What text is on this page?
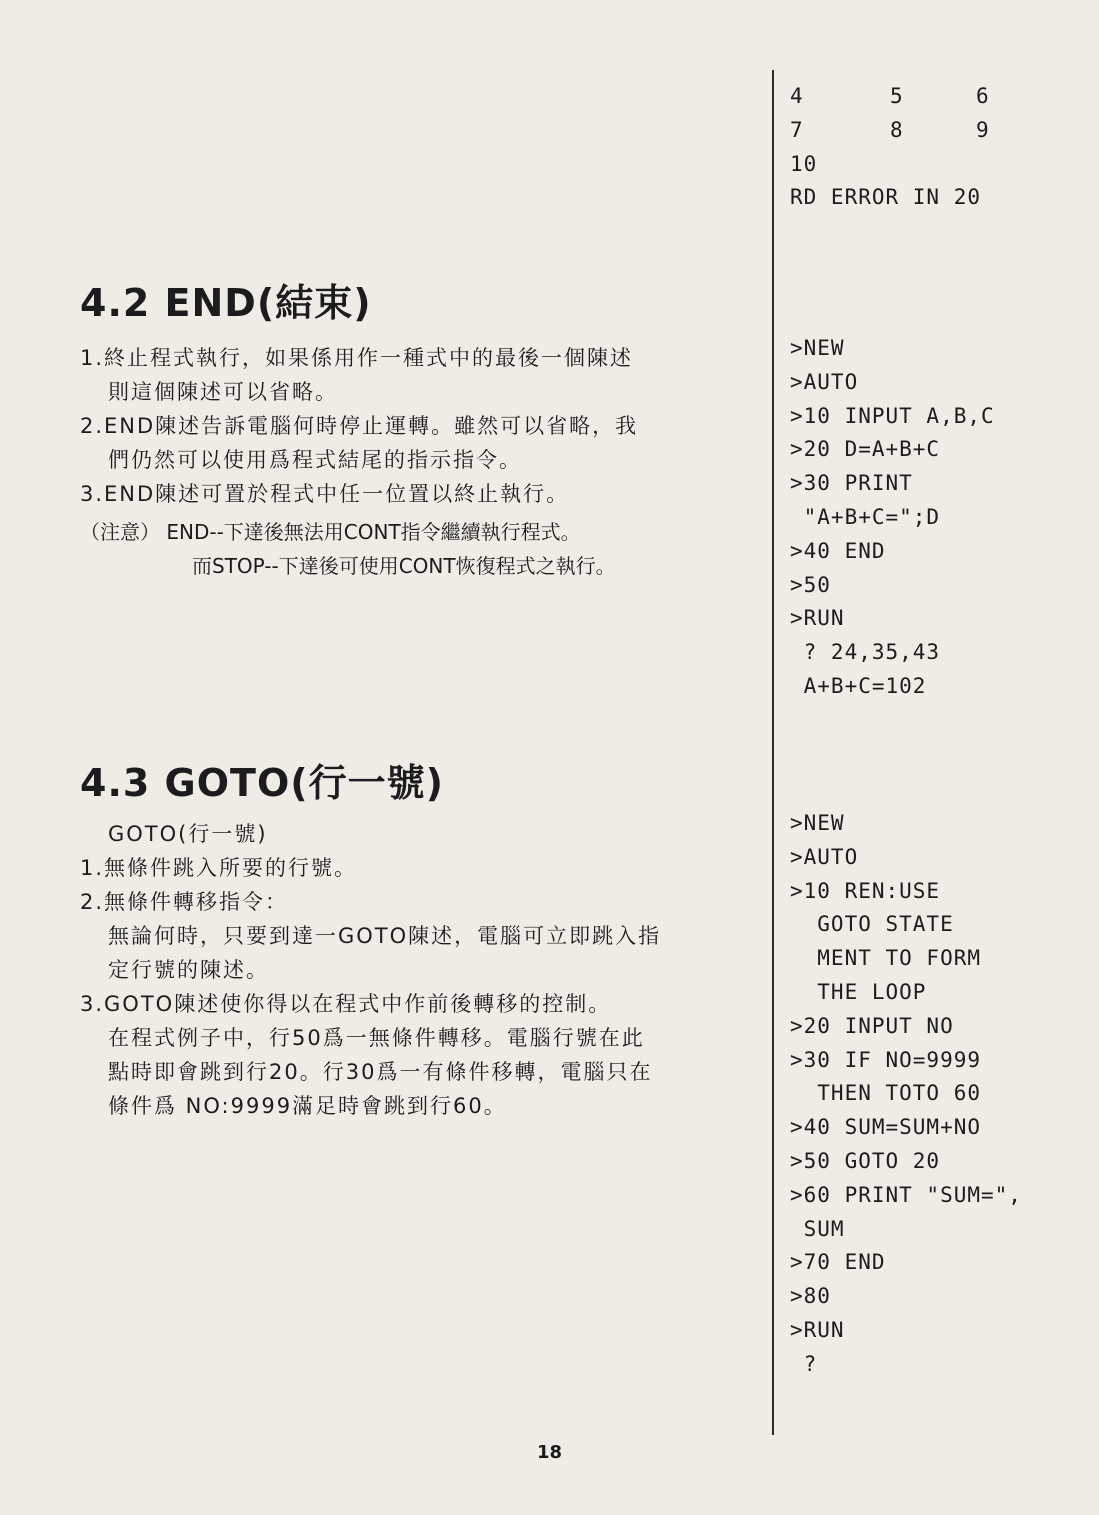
4	5	6
7	8	9
10
RD ERROR IN 20
4.2 END(結束)
1.終止程式執行，如果係用作一種式中的最後一個陳述
則這個陳述可以省略。
2.END陳述告訴電腦何時停止運轉。雖然可以省略，我
們仍然可以使用爲程式結尾的指示指令。
3.END陳述可置於程式中任一位置以終止執行。
（注意） END--下達後無法用CONT指令繼續執行程式。
而STOP--下達後可使用CONT恢復程式之執行。
>NEW
>AUTO
>10 INPUT A,B,C
>20 D=A+B+C
>30 PRINT
"A+B+C=";D
>40 END
>50
>RUN
? 24,35,43
A+B+C=102
4.3 GOTO(行一號)
GOTO(行一號)
1.無條件跳入所要的行號。
2.無條件轉移指令：
無論何時，只要到達一GOTO陳述，電腦可立即跳入指
定行號的陳述。
3.GOTO陳述使你得以在程式中作前後轉移的控制。
在程式例子中，行50爲一無條件轉移。電腦行號在此
點時即會跳到行20。行30爲一有條件移轉，電腦只在
條件爲 NO:9999滿足時會跳到行60。
>NEW
>AUTO
>10 REN:USE
GOTO STATE
MENT TO FORM
THE LOOP
>20 INPUT NO
>30 IF NO=9999
THEN TOTO 60
>40 SUM=SUM+NO
>50 GOTO 20
>60 PRINT "SUM=",
SUM
>70 END
>80
>RUN
?
18
